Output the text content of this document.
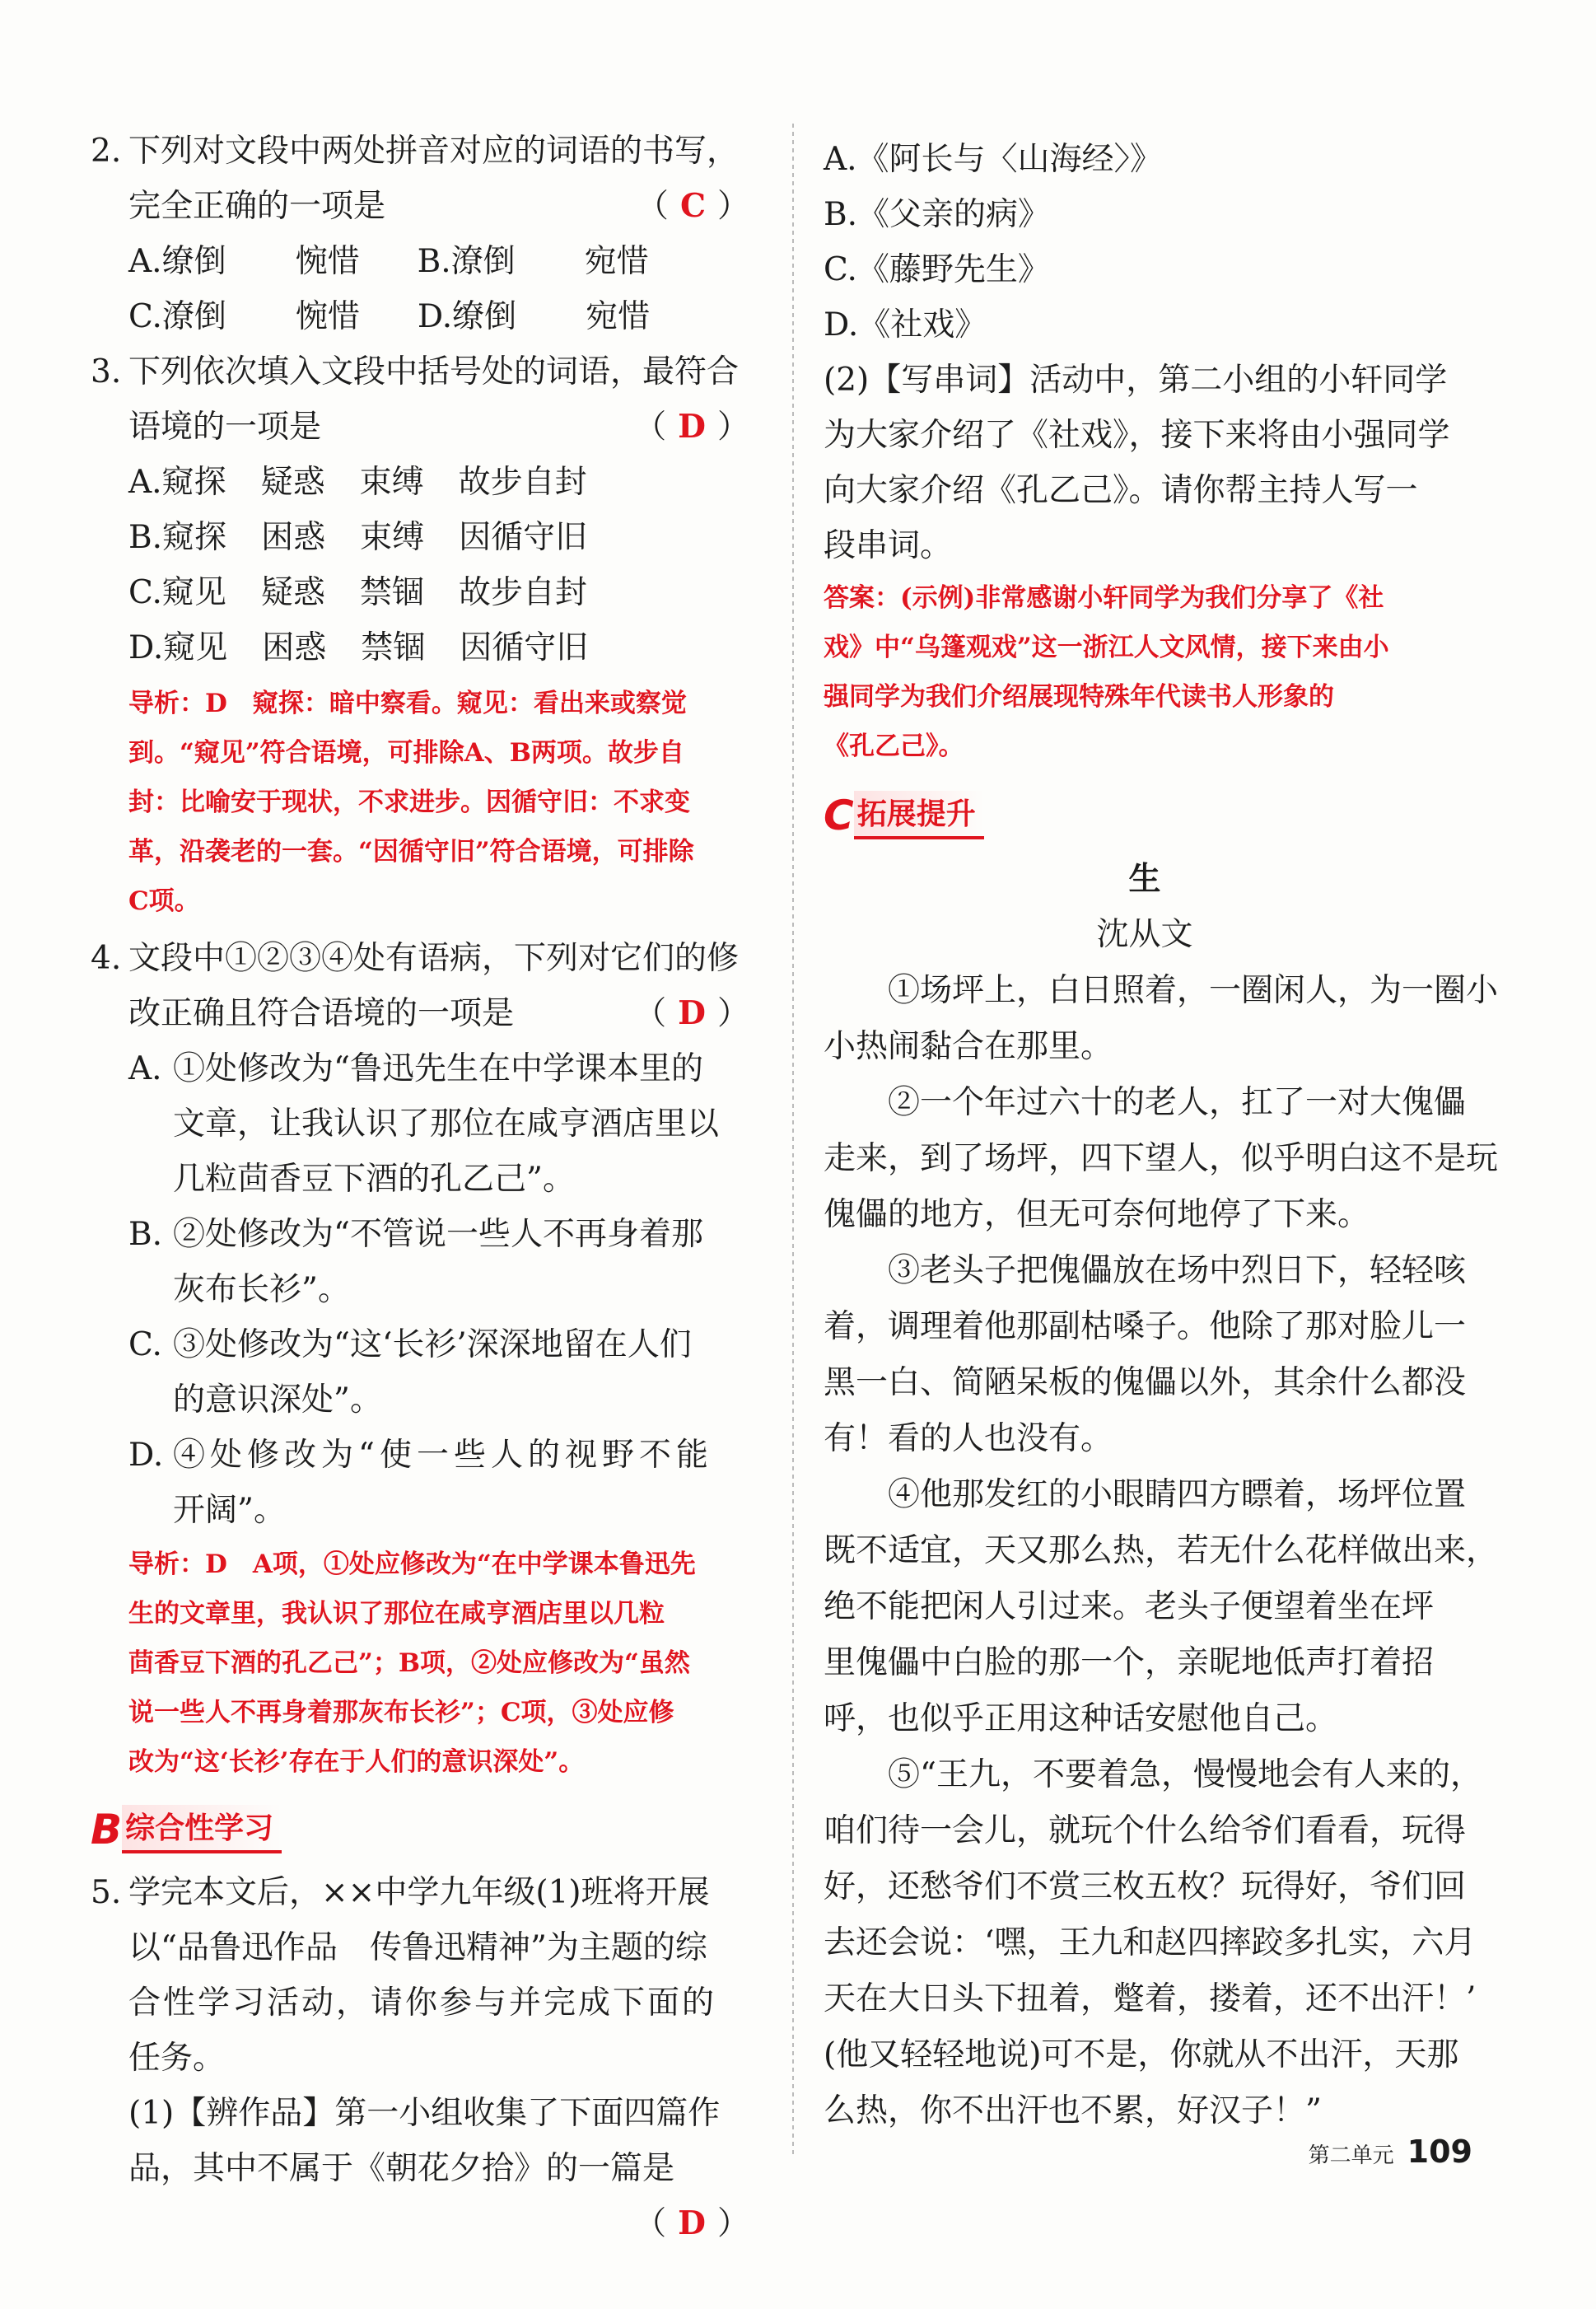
2. 下列对文段中两处拼音对应的词语的书写，
完全正确的一项是	（ C ）
A. 缭倒	惋惜 B. 潦倒	宛惜
C. 潦倒	惋惜 D. 缭倒	宛惜
3. 下列依次填入文段中括号处的词语，最符合
语境的一项是	（ D ）
A. 窥探	疑惑	束缚	故步自封
B. 窥探	困惑	束缚	因循守旧
C. 窥见	疑惑	禁锢	故步自封
D. 窥见	困惑	禁锢	因循守旧
导析：D　窥探：暗中察看。窥见：看出来或察觉
到。“窥见”符合语境，可排除A、B两项。故步自
封：比喻安于现状，不求进步。因循守旧：不求变
革，沿袭老的一套。“因循守旧”符合语境，可排除
C项。
4. 文段中①②③④处有语病，下列对它们的修
改正确且符合语境的一项是	（ D ）
A. ①处修改为“鲁迅先生在中学课本里的
文章，让我认识了那位在咸亨酒店里以
几粒茴香豆下酒的孔乙己”。
B. ②处修改为“不管说一些人不再身着那
灰布长衫”。
C. ③处修改为“这‘长衫’深深地留在人们
的意识深处”。
D. ④处修改为“使一些人的视野不能
开阔”。
导析：D　A项，①处应修改为“在中学课本鲁迅先
生的文章里，我认识了那位在咸亨酒店里以几粒
茴香豆下酒的孔乙己”；B项，②处应修改为“虽然
说一些人不再身着那灰布长衫”；C项，③处应修
改为“这‘长衫’存在于人们的意识深处”。
B 综合性学习
5. 学完本文后，××中学九年级(1)班将开展
以“品鲁迅作品　传鲁迅精神”为主题的综
合性学习活动，请你参与并完成下面的
任务。
(1)【辨作品】第一小组收集了下面四篇作
品，其中不属于《朝花夕拾》的一篇是
（ D ）
A.《阿长与〈山海经〉》
B.《父亲的病》
C.《藤野先生》
D.《社戏》
(2)【写串词】活动中，第二小组的小轩同学
为大家介绍了《社戏》，接下来将由小强同学
向大家介绍《孔乙己》。请你帮主持人写一
段串词。
答案：(示例)非常感谢小轩同学为我们分享了《社
戏》中“乌篷观戏”这一浙江人文风情，接下来由小
强同学为我们介绍展现特殊年代读书人形象的
《孔乙己》。
C 拓展提升
生
沈从文
①场坪上，白日照着，一圈闲人，为一圈小
小热闹黏合在那里。
②一个年过六十的老人，扛了一对大傀儡
走来，到了场坪，四下望人，似乎明白这不是玩
傀儡的地方，但无可奈何地停了下来。
③老头子把傀儡放在场中烈日下，轻轻咳
着，调理着他那副枯嗓子。他除了那对脸儿一
黑一白、简陋呆板的傀儡以外，其余什么都没
有！看的人也没有。
④他那发红的小眼睛四方瞟着，场坪位置
既不适宜，天又那么热，若无什么花样做出来，
绝不能把闲人引过来。老头子便望着坐在坪
里傀儡中白脸的那一个，亲昵地低声打着招
呼，也似乎正用这种话安慰他自己。
⑤“王九，不要着急，慢慢地会有人来的，
咱们待一会儿，就玩个什么给爷们看看，玩得
好，还愁爷们不赏三枚五枚？玩得好，爷们回
去还会说：‘嘿，王九和赵四摔跤多扎实，六月
天在大日头下扭着，蹩着，搂着，还不出汗！’
(他又轻轻地说)可不是，你就从不出汗，天那
么热，你不出汗也不累，好汉子！”
第二单元 109
